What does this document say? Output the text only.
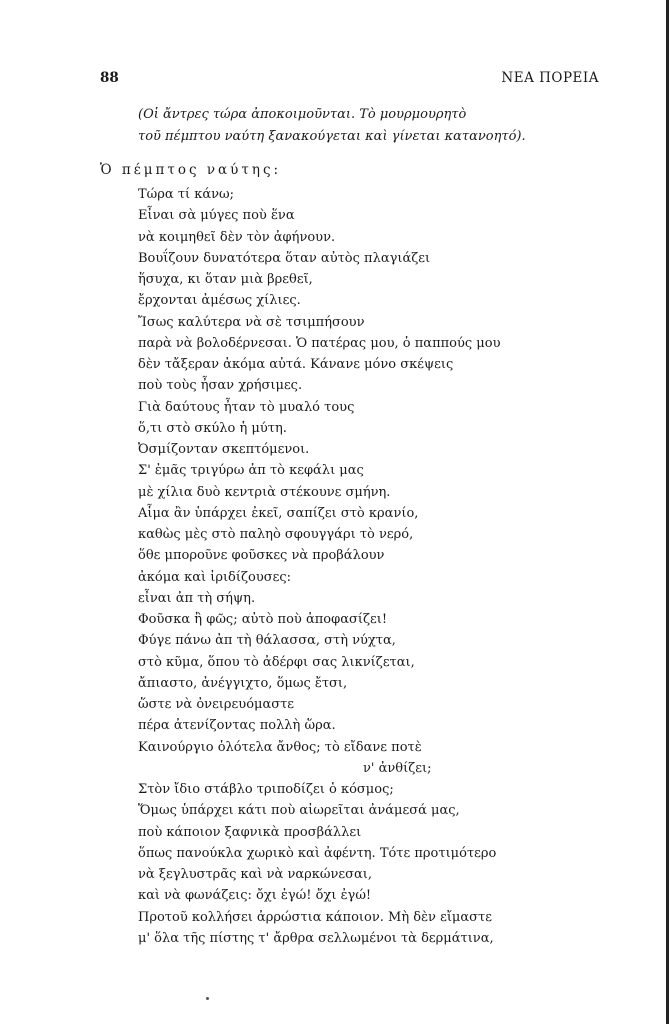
88	ΝΕΑ ΠΟΡΕΙΑ
(Οἱ ἄντρες τώρα ἀποκοιμοῦνται. Τὸ μουρμουρητὸ
τοῦ πέμπτου ναύτη ξανακούγεται καὶ γίνεται κατανοητό).
Ὁ πέμπτος ναύτης:
Τώρα τί κάνω;
Εἶναι σὰ μύγες ποὺ ἕνα
νὰ κοιμηθεῖ δὲν τὸν ἀφήνουν.
Βουΐζουν δυνατότερα ὅταν αὐτὸς πλαγιάζει
ἥσυχα, κι ὅταν μιὰ βρεθεῖ,
ἔρχονται ἀμέσως χίλιες.
Ἴσως καλύτερα νὰ σὲ τσιμπήσουν
παρὰ νὰ βολοδέρνεσαι. Ὁ πατέρας μου, ὁ παππούς μου
δὲν τἄξεραν ἀκόμα αὐτά. Κάνανε μόνο σκέψεις
ποὺ τοὺς ἦσαν χρήσιμες.
Γιὰ δαύτους ἦταν τὸ μυαλό τους
ὅ,τι στὸ σκύλο ἡ μύτη.
Ὀσμίζονταν σκεπτόμενοι.
Σ' ἐμᾶς τριγύρω ἀπ τὸ κεφάλι μας
μὲ χίλια δυὸ κεντριὰ στέκουνε σμήνη.
Αἷμα ἂν ὑπάρχει ἐκεῖ, σαπίζει στὸ κρανίο,
καθὼς μὲς στὸ παληὸ σφουγγάρι τὸ νερό,
ὅθε μποροῦνε φοῦσκες νὰ προβάλουν
ἀκόμα καὶ ἰριδίζουσες:
εἶναι ἀπ τὴ σήψη.
Φοῦσκα ἢ φῶς; αὐτὸ ποὺ ἀποφασίζει!
Φύγε πάνω ἀπ τὴ θάλασσα, στὴ νύχτα,
στὸ κῦμα, ὅπου τὸ ἀδέρφι σας λικνίζεται,
ἄπιαστο, ἀνέγγιχτο, ὅμως ἔτσι,
ὥστε νὰ ὀνειρευόμαστε
πέρα ἀτενίζοντας πολλὴ ὥρα.
Καινούργιο ὁλότελα ἄνθος; τὸ εἴδανε ποτὲ
ν' ἀνθίζει;
Στὸν ἴδιο στάβλο τριποδίζει ὁ κόσμος;
Ὅμως ὑπάρχει κάτι ποὺ αἰωρεῖται ἀνάμεσά μας,
ποὺ κάποιον ξαφνικὰ προσβάλλει
ὅπως πανούκλα χωρικὸ καὶ ἀφέντη. Τότε προτιμότερο
νὰ ξεγλυστρᾶς καὶ νὰ ναρκώνεσαι,
καὶ νὰ φωνάζεις: ὄχι ἐγώ! ὄχι ἐγώ!
Προτοῦ κολλήσει ἀρρώστια κάποιον. Μὴ δὲν εἴμαστε
μ' ὅλα τῆς πίστης τ' ἄρθρα σελλωμένοι τὰ δερμάτινα,
